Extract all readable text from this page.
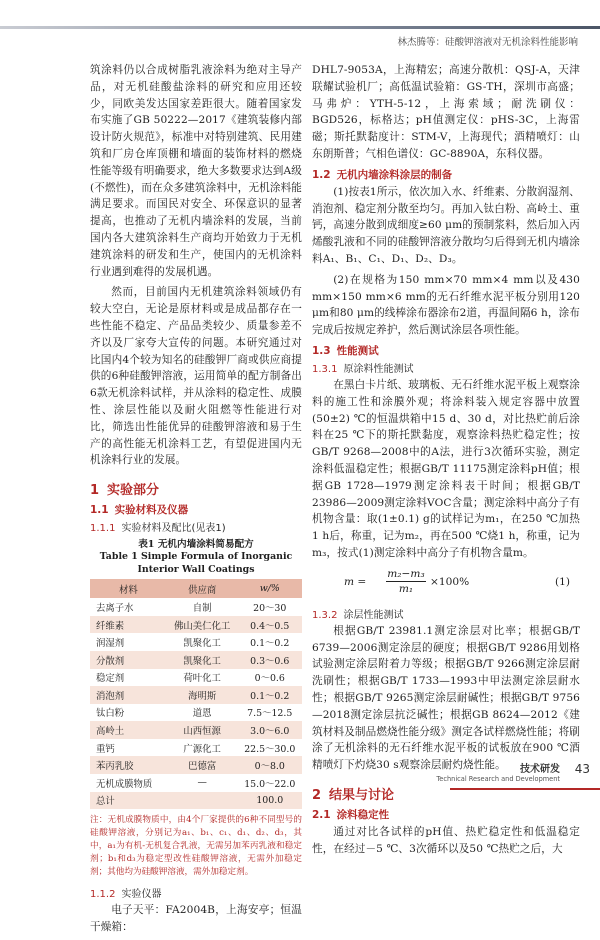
林杰腾等：硅酸钾溶液对无机涂料性能影响

筑涂料仍以合成树脂乳液涂料为绝对主导产品，对无机硅酸盐涂料的研究和应用还较少，同欧美发达国家差距很大。随着国家发布实施了GB 50222—2017《建筑装修内部设计防火规范》，标准中对特别建筑、民用建筑和厂房仓库顶棚和墙面的装饰材料的燃烧性能等级有明确要求，绝大多数要求达到A级(不燃性)，而在众多建筑涂料中，无机涂料能满足要求。而国民对安全、环保意识的显著提高，也推动了无机内墙涂料的发展，当前国内各大建筑涂料生产商均开始致力于无机建筑涂料的研发和生产，使国内的无机涂料行业遇到难得的发展机遇。

然而，目前国内无机建筑涂料领域仍有较大空白，无论是原材料或是成品都存在一些性能不稳定、产品品类较少、质量参差不齐以及厂家夸大宣传的问题。本研究通过对比国内4个较为知名的硅酸钾厂商或供应商提供的6种硅酸钾溶液，运用简单的配方制备出6款无机涂料试样，并从涂料的稳定性、成膜性、涂层性能以及耐火阻燃等性能进行对比，筛选出性能优异的硅酸钾溶液和易于生产的高性能无机涂料工艺，有望促进国内无机涂料行业的发展。

1 实验部分
1.1 实验材料及仪器
1.1.1 实验材料及配比(见表1)
表1 无机内墙涂料简易配方
Table 1 Simple Formula of Inorganic Interior Wall Coatings
材料	供应商	w/%
去离子水	自制	20～30
纤维素	佛山美仁化工	0.4～0.5
润湿剂	凯聚化工	0.1～0.2
分散剂	凯聚化工	0.3～0.6
稳定剂	荷叶化工	0～0.6
消泡剂	海明斯	0.1～0.2
钛白粉	道恩	7.5～12.5
高岭土	山西恒源	3.0～6.0
重钙	广源化工	22.5～30.0
苯丙乳胶	巴德富	0～8.0
无机成膜物质	—	15.0～22.0
总计		100.0
注：无机成膜物质中，由4个厂家提供的6种不同型号的硅酸钾溶液，分别记为a₁、b₁、c₁、d₁、d₂、d₃，其中，a₁为有机-无机复合乳液，无需另加苯丙乳液和稳定剂；b₁和d₃为稳定型改性硅酸钾溶液，无需外加稳定剂；其他均为硅酸钾溶液，需外加稳定剂。
1.1.2 实验仪器

电子天平：FA2004B，上海安亭；恒温干燥箱：

DHL7-9053A，上海精宏；高速分散机：QSJ-A，天津联耀试验机厂；高低温试验箱：GS-TH，深圳市高盛；马弗炉：YTH-5-12，上海索域；耐洗刷仪：BGD526，标格达；pH值测定仪：pHS-3C，上海雷磁；斯托默黏度计：STM-V，上海现代；酒精喷灯：山东朗斯普；气相色谱仪：GC-8890A，东科仪器。

1.2 无机内墙涂料涂层的制备

(1)按表1所示，依次加入水、纤维素、分散润湿剂、消泡剂、稳定剂分散至均匀。再加入钛白粉、高岭土、重钙，高速分散到成细度≥60 μm的预制浆料，然后加入丙烯酸乳液和不同的硅酸钾溶液分散均匀后得到无机内墙涂料A₁、B₁、C₁、D₁、D₂、D₃。

(2)在规格为150 mm×70 mm×4 mm以及430 mm×150 mm×6 mm的无石纤维水泥平板分别用120 μm和80 μm的线棒涂布器涂布2道，再温间隔6 h，涂布完成后按规定养护，然后测试涂层各项性能。

1.3 性能测试
1.3.1 原涂料性能测试

在黑白卡片纸、玻璃板、无石纤维水泥平板上观察涂料的施工性和涂膜外观；将涂料装入规定容器中放置(50±2) ℃的恒温烘箱中15 d、30 d，对比热贮前后涂料在25 ℃下的斯托默黏度，观察涂料热贮稳定性；按GB/T 9268—2008中的A法，进行3次循环实验，测定涂料低温稳定性；根据GB/T 11175测定涂料pH值；根据GB 1728—1979测定涂料表干时间；根据GB/T 23986—2009测定涂料VOC含量；测定涂料中高分子有机物含量：取(1±0.1) g的试样记为m₁，在250 ℃加热1 h后，称重，记为m₂，再在500 ℃烧1 h，称重，记为m₃，按式(1)测定涂料中高分子有机物含量m。

$m = \frac{\text{m₂−m₃}}{\text{m₁}} \times 100\%$	(1)
1.3.2 涂层性能测试

根据GB/T 23981.1测定涂层对比率；根据GB/T 6739—2006测定涂层的硬度；根据GB/T 9286用划格试验测定涂层附着力等级；根据GB/T 9266测定涂层耐洗刷性；根据GB/T 1733—1993中甲法测定涂层耐水性；根据GB/T 9265测定涂层耐碱性；根据GB/T 9756—2018测定涂层抗泛碱性；根据GB 8624—2012《建筑材料及制品燃烧性能分级》测定各试样燃烧性能；将刷涂了无机涂料的无石纤维水泥平板的试板放在900 ℃酒精喷灯下灼烧30 s观察涂层耐灼烧性能。

2 结果与讨论
2.1 涂料稳定性

通过对比各试样的pH值、热贮稳定性和低温稳定性，在经过－5 ℃、3次循环以及50 ℃热贮之后，大

技术研发
Technical Research and Development
43
